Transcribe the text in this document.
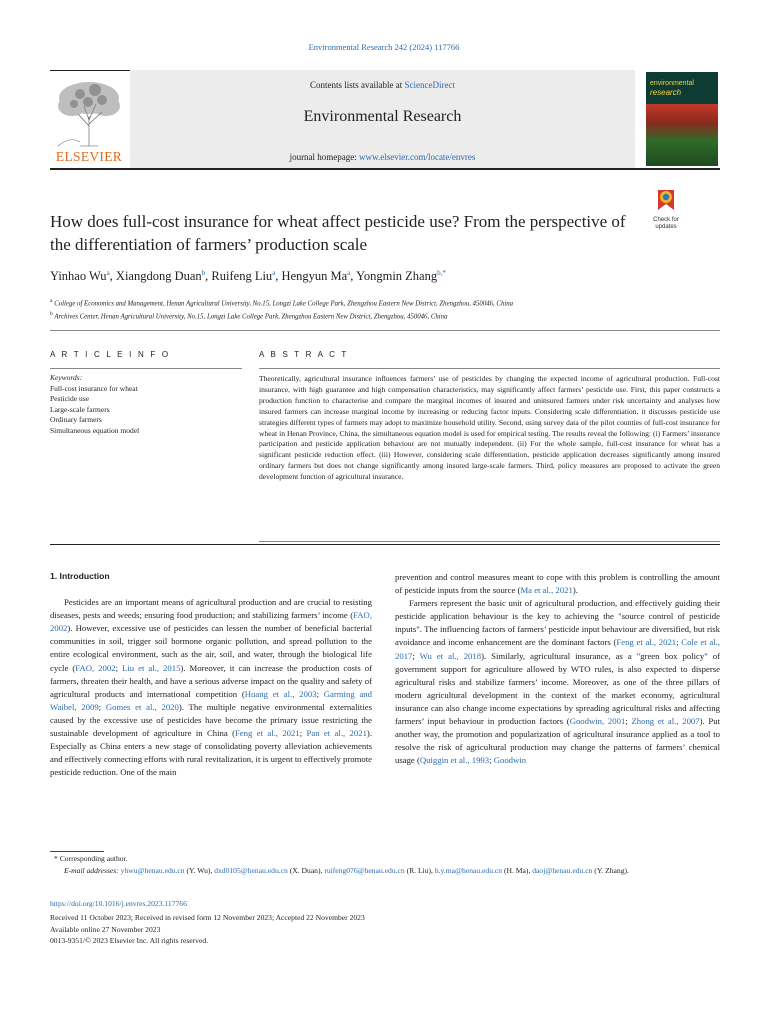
Environmental Research 242 (2024) 117766
ELSEVIER
Contents lists available at ScienceDirect
Environmental Research
journal homepage: www.elsevier.com/locate/envres
environmental
research
Check for updates
How does full-cost insurance for wheat affect pesticide use? From the perspective of the differentiation of farmers’ production scale
Yinhao Wu$^a$, Xiangdong Duan$^b$, Ruifeng Liu$^a$, Hengyun Ma$^a$, Yongmin Zhang$^{b,*}$
$^a$ College of Economics and Management, Henan Agricultural University, No.15, Longzi Lake College Park, Zhengzhou Eastern New District, Zhengzhou, 450046, China
$^b$ Archives Center, Henan Agricultural University, No.15, Longzi Lake College Park, Zhengzhou Eastern New District, Zhengzhou, 450046, China
A R T I C L E I N F O	A B S T R A C T
Keywords:
Full-cost insurance for wheat
Pesticide use
Large-scale farmers
Ordinary farmers
Simultaneous equation model
Theoretically, agricultural insurance influences farmers’ use of pesticides by changing the expected income of agricultural production. Full-cost insurance, with high guarantee and high compensation characteristics, may significantly affect farmers’ pesticide use. First, this paper constructs a production function to characterise and compare the marginal incomes of insured and uninsured farmers under risk uncertainty and analyses how insured farmers can increase marginal income by increasing or reducing factor inputs. Considering scale differentiation, it discusses pesticide use strategies different types of farmers may adopt to maximize household utility. Second, using survey data of the pilot counties of full-cost insurance for wheat in Henan Province, China, the simultaneous equation model is used for empirical testing. The results reveal the following: (i) Farmers’ insurance participation and pesticide application behaviour are not mutually independent. (ii) For the whole sample, full-cost insurance for wheat has a significant pesticide reduction effect. (iii) However, considering scale differentiation, pesticide application decreases significantly among insured ordinary farmers but does not change significantly among insured large-scale farmers. Third, policy measures are proposed to activate the green development function of agricultural insurance.
1. Introduction

Pesticides are an important means of agricultural production and are crucial to resisting diseases, pests and weeds; ensuring food production; and stabilizing farmers’ income (FAO, 2002). However, excessive use of pesticides can lessen the number of beneficial bacterial communities in soil, trigger soil hormone organic pollution, and spread pollution to the entire ecological environment, such as the air, soil, and water, through the biological life cycle (FAO, 2002; Liu et al., 2015). Moreover, it can increase the production costs of farmers, threaten their health, and have a serious adverse impact on the quality and safety of agricultural products and international competition (Huang et al., 2003; Garming and Waibel, 2009; Gomes et al., 2020). The multiple negative environmental externalities caused by the excessive use of pesticides have become the primary issue restricting the sustainable development of agriculture in China (Feng et al., 2021; Pan et al., 2021). Especially as China enters a new stage of consolidating poverty alleviation achievements and effectively connecting efforts with rural revitalization, it is urgent to effectively promote pesticide reduction. One of the main

prevention and control measures meant to cope with this problem is controlling the amount of pesticide inputs from the source (Ma et al., 2021).

Farmers represent the basic unit of agricultural production, and effectively guiding their pesticide application behaviour is the key to achieving the "source control of pesticide inputs". The influencing factors of farmers’ pesticide input behaviour are diversified, but risk avoidance and income enhancement are the dominant factors (Feng et al., 2021; Cole et al., 2017; Wu et al., 2018). Similarly, agricultural insurance, as a "green box policy" of government support for agriculture allowed by WTO rules, is also expected to disperse agricultural risks and stabilize farmers’ income. Moreover, as one of the three pillars of modern agricultural development in the context of the market economy, agricultural insurance can also change income expectations by spreading agricultural risks and affecting farmers’ input behaviour in production factors (Goodwin, 2001; Zhong et al., 2007). Put another way, the promotion and popularization of agricultural insurance applied as a tool to resolve the risk of agricultural production may change the patterns of farmers’ chemical usage (Quiggin et al., 1993; Goodwin

* Corresponding author.
E-mail addresses: yhwu@henau.edu.cn (Y. Wu), dxd0105@henau.edu.cn (X. Duan), ruifeng076@henau.edu.cn (R. Liu), h.y.ma@henau.edu.cn (H. Ma), daoj@henau.edu.cn (Y. Zhang).
https://doi.org/10.1016/j.envres.2023.117766
Received 11 October 2023; Received in revised form 12 November 2023; Accepted 22 November 2023
Available online 27 November 2023
0013-9351/© 2023 Elsevier Inc. All rights reserved.
